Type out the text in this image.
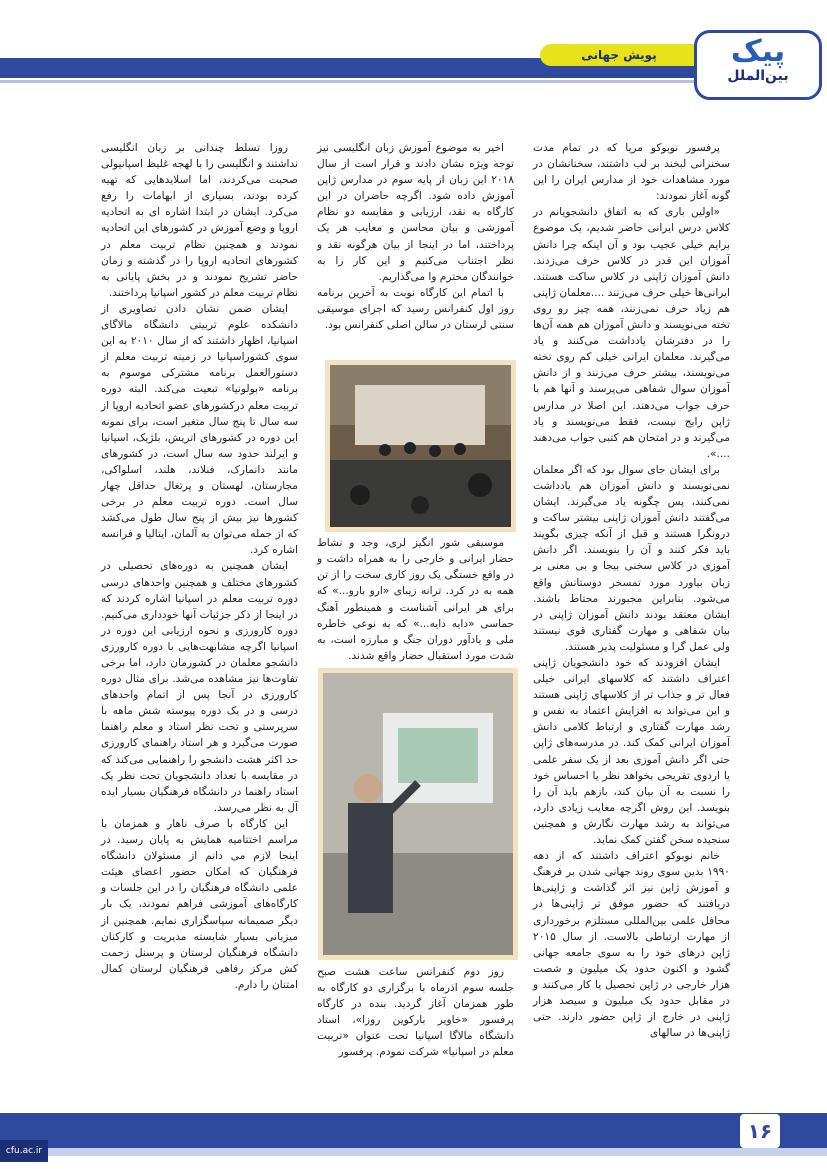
پویش جهانی	پیک
بین‌الملل

پرفسور نوبوکو مریا که در تمام مدت سخنرانی لبخند بر لب داشتند، سخنانشان در مورد مشاهدات خود از مدارس ایران را این گونه آغاز نمودند:

«اولین باری که به اتفاق دانشجویانم در کلاس درس ایرانی حاضر شدیم، یک موضوع برایم خیلی عجیب بود و آن اینکه چرا دانش آموزان این قدر در کلاس حرف می‌زدند. دانش آموزان ژاپنی در کلاس ساکت هستند. ایرانی‌ها خیلی حرف می‌زنند ....معلمان ژاپنی هم زیاد حرف نمی‌زنند، همه چیز رو روی تخته می‌نویسند و دانش آموزان هم همه آن‌ها را در دفترشان یادداشت می‌کنند و یاد می‌گیرند. معلمان ایرانی خیلی کم روی تخته می‌نویسند، بیشتر حرف می‌زنند و از دانش آموزان سوال شفاهی می‌پرسند و آنها هم با حرف جواب می‌دهند. این اصلا در مدارس ژاپن رایج نیست، فقط می‌نویسند و یاد می‌گیرند و در امتحان هم کتبی جواب می‌دهند ....».

برای ایشان جای سوال بود که اگر معلمان نمی‌نویسند و دانش آموزان هم یادداشت نمی‌کنند، پس چگونه یاد می‌گیرند. ایشان می‌گفتند دانش آموزان ژاپنی بیشتر ساکت و درونگرا هستند و قبل از آنکه چیزی بگویند باید فکر کنند و آن را بنویسند. اگر دانش آموزی در کلاس سخنی بیجا و بی معنی بر زبان بیاورد مورد تمسخر دوستانش واقع می‌شود. بنابراین مجبورند محتاط باشند. ایشان معتقد بودند دانش آموزان ژاپنی در بیان شفاهی و مهارت گفتاری قوی نیستند ولی عمل گرا و مسئولیت پذیر هستند.

ایشان افزودند که خود دانشجویان ژاپنی اعتراف داشتند که کلاسهای ایرانی خیلی فعال تر و جذاب تر از کلاسهای ژاپنی هستند و این می‌تواند به افزایش اعتماد به نفس و رشد مهارت گفتاری و ارتباط کلامی دانش آموزان ایرانی کمک کند. در مدرسه‌های ژاپن حتی اگر دانش آموزی بعد از یک سفر علمی یا اردوی تفریحی بخواهد نظر یا احساس خود را نسبت به آن بیان کند، بازهم باید آن را بنویسد. این روش اگرچه معایب زیادی دارد، می‌تواند به رشد مهارت نگارش و همچنین سنجیده سخن گفتن کمک نماید.

خانم نوبوکو اعتراف داشتند که از دهه ۱۹۹۰ بدین سوی روند جهانی شدن بر فرهنگ و آموزش ژاپن نیز اثر گذاشت و ژاپنی‌ها دریافتند که حضور موفق تر ژاپنی‌ها در محافل علمی بین‌المللی مستلزم برخورداری از مهارت ارتباطی بالاست. از سال ۲۰۱۵ ژاپن درهای خود را به سوی جامعه جهانی گشود و اکنون حدود یک میلیون و شصت هزار خارجی در ژاپن تحصیل یا کار می‌کنند و در مقابل حدود یک میلیون و سیصد هزار ژاپنی در خارج از ژاپن حضور دارند. حتی ژاپنی‌ها در سالهای

اخیر به موضوع آموزش زبان انگلیسی نیز توجه ویژه نشان دادند و قرار است از سال ۲۰۱۸ این زبان از پایه سوم در مدارس ژاپن آموزش داده شود. اگرچه حاضران در این کارگاه به نقد، ارزیابی و مقایسه دو نظام آموزشی و بیان محاسن و معایب هر یک پرداختند، اما در اینجا از بیان هرگونه نقد و نظر اجتناب می‌کنیم و این کار را به خوانندگان محترم وا می‌گذاریم.

با اتمام این کارگاه نوبت به آخرین برنامه روز اول کنفرانس رسید که اجرای موسیقی سنتی لرستان در سالن اصلی کنفرانس بود.

موسیقی شور انگیز لری، وجد و نشاط حضار ایرانی و خارجی را به همراه داشت و در واقع خستگی یک روز کاری سخت را از تن همه به در کرد. ترانه زیبای «ارو بارو...» که برای هر ایرانی آشناست و همینطور آهنگ حماسی «دایه دایه...» که به نوعی خاطره ملی و یادآور دوران جنگ و مبارزه است، به شدت مورد استقبال حضار واقع شدند.

روز دوم کنفرانس ساعت هشت صبح جلسه سوم اذرماه با برگزاری دو کارگاه به طور همزمان آغاز گردید. بنده در کارگاه پرفسور «خاویر بارکوین روزا»، استاد دانشگاه مالاگا اسپانیا تحت عنوان «تربیت معلم در اسپانیا» شرکت نمودم. پرفسور

روزا تسلط چندانی بر زبان انگلیسی نداشتند و انگلیسی را با لهجه غلیظ اسپانیولی صحبت می‌کردند، اما اسلایدهایی که تهیه کرده بودند، بسیاری از ابهامات را رفع می‌کرد. ایشان در ابتدا اشاره ای به اتحادیه اروپا و وضع آموزش در کشورهای این اتحادیه نمودند و همچنین نظام تربیت معلم در کشورهای اتحادیه اروپا را در گذشته و زمان حاضر تشریح نمودند و در بخش پایانی به نظام تربیت معلم در کشور اسپانیا پرداختند.

ایشان ضمن نشان دادن تصاویری از دانشکده علوم تربیتی دانشگاه مالاگای اسپانیا، اظهار داشتند که از سال ۲۰۱۰ به این سوی کشوراسپانیا در زمینه تربیت معلم از دستورالعمل برنامه مشترکی موسوم به برنامه «بولونیا» تبعیت می‌کند. البته دوره تربیت معلم درکشورهای عضو اتحادیه اروپا از سه سال تا پنج سال متغیر است، برای نمونه این دوره در کشورهای اتریش، بلژیک، اسپانیا و ایرلند حدود سه سال است، در کشورهای مانند دانمارک، فنلاند، هلند، اسلواکی، مجارستان، لهستان و پرتغال حداقل چهار سال است. دوره تربیت معلم در برخی کشورها نیز بیش از پنج سال طول می‌کشد که از جمله می‌توان به آلمان، ایتالیا و فرانسه اشاره کرد.

ایشان همچنین به دوره‌های تحصیلی در کشورهای مختلف و همچنین واحدهای درسی دوره تربیت معلم در اسپانیا اشاره کردند که در اینجا از ذکر جزئیات آنها خودداری می‌کنیم. دوره کارورزی و نحوه ارزیابی این دوره در اسپانیا اگرچه مشابهت‌هایی با دوره کارورزی دانشجو معلمان در کشورمان دارد، اما برخی تفاوت‌ها نیز مشاهده می‌شد. برای مثال دوره کارورزی در آنجا پس از اتمام واحدهای درسی و در یک دوره پیوسته شش ماهه با سرپرستی و تحت نظر استاد و معلم راهنما صورت می‌گیرد و هر استاد راهنمای کارورزی حد اکثر هشت دانشجو را راهنمایی می‌کند که در مقایسه با تعداد دانشجویان تحت نظر یک استاد راهنما در دانشگاه فرهنگیان بسیار ایده آل به نظر می‌رسد.

این کارگاه با صرف ناهار و همزمان با مراسم اختتامیه همایش به پایان رسید. در اینجا لازم می دانم از مسئولان دانشگاه فرهنگیان که امکان حضور اعضای هیئت علمی دانشگاه فرهنگیان را در این جلسات و کارگاه‌های آموزشی فراهم نمودند، یک بار دیگر صمیمانه سپاسگزاری نمایم. همچنین از میزبانی بسیار شایسته مدیریت و کارکنان دانشگاه فرهنگیان لرستان و پرسنل زحمت کش مرکز رفاهی فرهنگیان لرستان کمال امتنان را دارم.

۱۶
cfu.ac.ir
